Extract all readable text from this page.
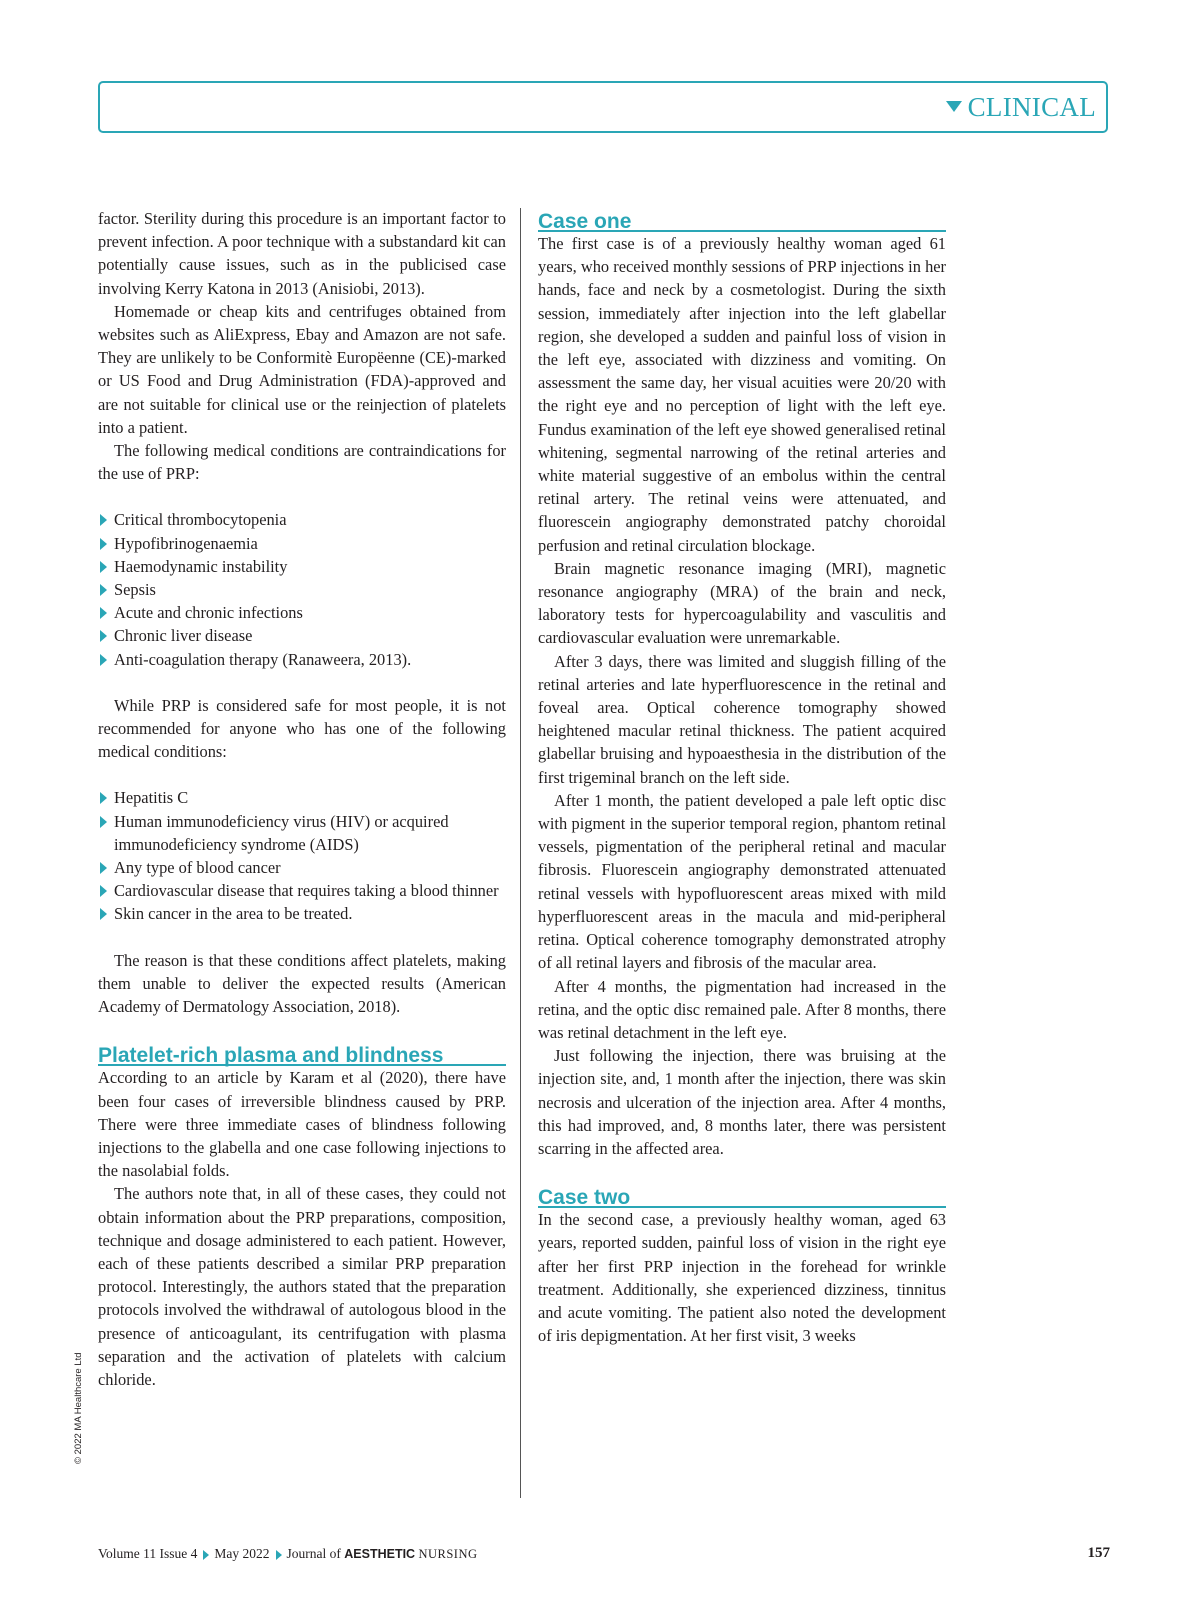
CLINICAL

factor. Sterility during this procedure is an important factor to prevent infection. A poor technique with a substandard kit can potentially cause issues, such as in the publicised case involving Kerry Katona in 2013 (Anisiobi, 2013).

Homemade or cheap kits and centrifuges obtained from websites such as AliExpress, Ebay and Amazon are not safe. They are unlikely to be Conformitè Europëenne (CE)-marked or US Food and Drug Administration (FDA)-approved and are not suitable for clinical use or the reinjection of platelets into a patient.

The following medical conditions are contraindications for the use of PRP:

Critical thrombocytopenia
Hypofibrinogenaemia
Haemodynamic instability
Sepsis
Acute and chronic infections
Chronic liver disease
Anti-coagulation therapy (Ranaweera, 2013).

While PRP is considered safe for most people, it is not recommended for anyone who has one of the following medical conditions:

Hepatitis C
Human immunodeficiency virus (HIV) or acquired immunodeficiency syndrome (AIDS)
Any type of blood cancer
Cardiovascular disease that requires taking a blood thinner
Skin cancer in the area to be treated.

The reason is that these conditions affect platelets, making them unable to deliver the expected results (American Academy of Dermatology Association, 2018).

Platelet-rich plasma and blindness

According to an article by Karam et al (2020), there have been four cases of irreversible blindness caused by PRP. There were three immediate cases of blindness following injections to the glabella and one case following injections to the nasolabial folds.

The authors note that, in all of these cases, they could not obtain information about the PRP preparations, composition, technique and dosage administered to each patient. However, each of these patients described a similar PRP preparation protocol. Interestingly, the authors stated that the preparation protocols involved the withdrawal of autologous blood in the presence of anticoagulant, its centrifugation with plasma separation and the activation of platelets with calcium chloride.

Case one

The first case is of a previously healthy woman aged 61 years, who received monthly sessions of PRP injections in her hands, face and neck by a cosmetologist. During the sixth session, immediately after injection into the left glabellar region, she developed a sudden and painful loss of vision in the left eye, associated with dizziness and vomiting. On assessment the same day, her visual acuities were 20/20 with the right eye and no perception of light with the left eye. Fundus examination of the left eye showed generalised retinal whitening, segmental narrowing of the retinal arteries and white material suggestive of an embolus within the central retinal artery. The retinal veins were attenuated, and fluorescein angiography demonstrated patchy choroidal perfusion and retinal circulation blockage.

Brain magnetic resonance imaging (MRI), magnetic resonance angiography (MRA) of the brain and neck, laboratory tests for hypercoagulability and vasculitis and cardiovascular evaluation were unremarkable.

After 3 days, there was limited and sluggish filling of the retinal arteries and late hyperfluorescence in the retinal and foveal area. Optical coherence tomography showed heightened macular retinal thickness. The patient acquired glabellar bruising and hypoaesthesia in the distribution of the first trigeminal branch on the left side.

After 1 month, the patient developed a pale left optic disc with pigment in the superior temporal region, phantom retinal vessels, pigmentation of the peripheral retinal and macular fibrosis. Fluorescein angiography demonstrated attenuated retinal vessels with hypofluorescent areas mixed with mild hyperfluorescent areas in the macula and mid-peripheral retina. Optical coherence tomography demonstrated atrophy of all retinal layers and fibrosis of the macular area.

After 4 months, the pigmentation had increased in the retina, and the optic disc remained pale. After 8 months, there was retinal detachment in the left eye.

Just following the injection, there was bruising at the injection site, and, 1 month after the injection, there was skin necrosis and ulceration of the injection area. After 4 months, this had improved, and, 8 months later, there was persistent scarring in the affected area.

Case two

In the second case, a previously healthy woman, aged 63 years, reported sudden, painful loss of vision in the right eye after her first PRP injection in the forehead for wrinkle treatment. Additionally, she experienced dizziness, tinnitus and acute vomiting. The patient also noted the development of iris depigmentation. At her first visit, 3 weeks

© 2022 MA Healthcare Ltd
Volume 11 Issue 4 May 2022 Journal of AESTHETIC NURSING	157
